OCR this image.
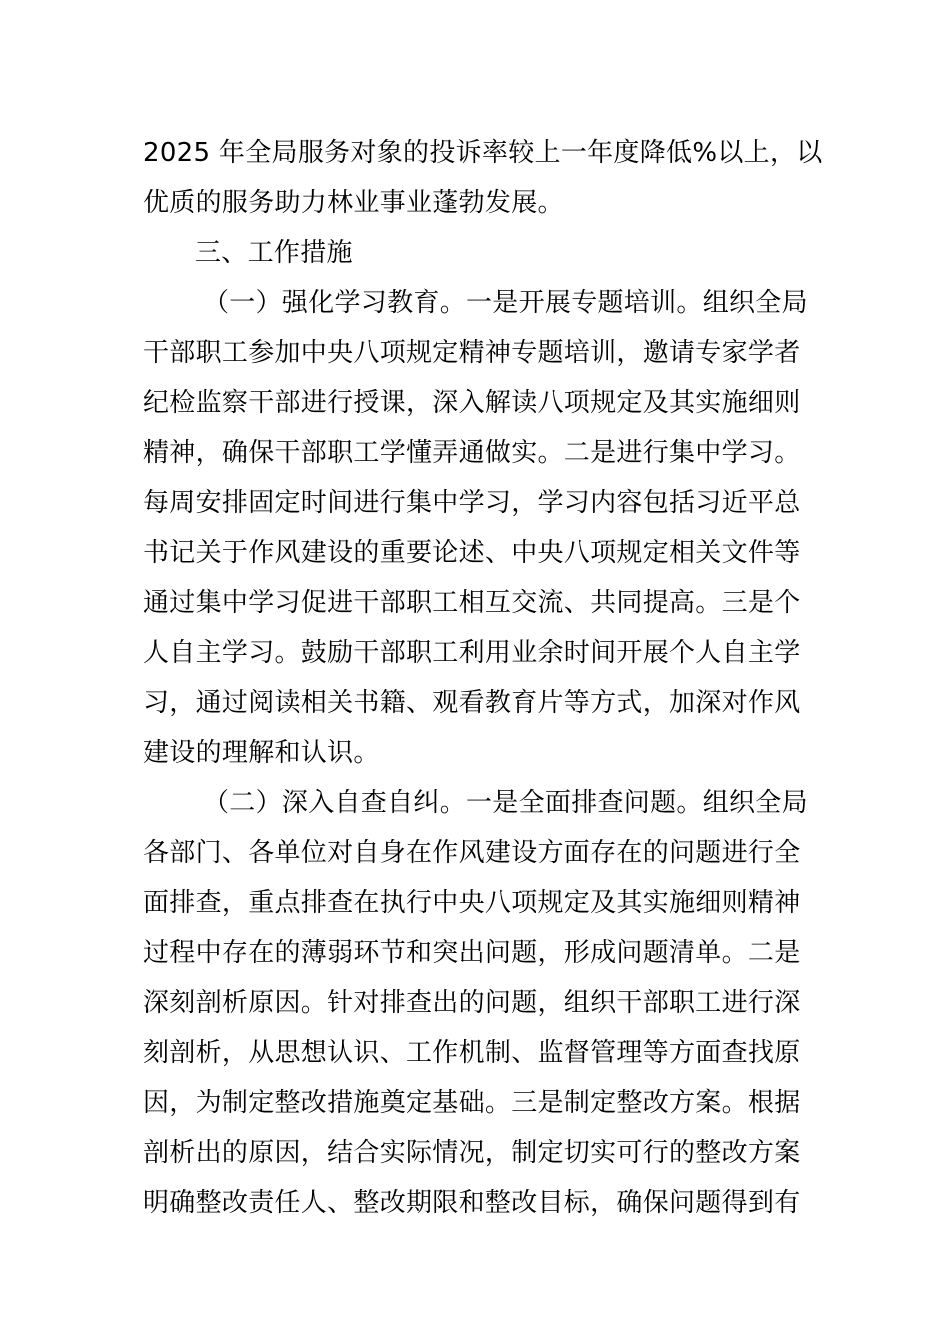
2025 年全局服务对象的投诉率较上一年度降低%以上，以
优质的服务助力林业事业蓬勃发展。
三、工作措施
（一）强化学习教育。一是开展专题培训。组织全局
干部职工参加中央八项规定精神专题培训，邀请专家学者
纪检监察干部进行授课，深入解读八项规定及其实施细则
精神，确保干部职工学懂弄通做实。二是进行集中学习。
每周安排固定时间进行集中学习，学习内容包括习近平总
书记关于作风建设的重要论述、中央八项规定相关文件等
通过集中学习促进干部职工相互交流、共同提高。三是个
人自主学习。鼓励干部职工利用业余时间开展个人自主学
习，通过阅读相关书籍、观看教育片等方式，加深对作风
建设的理解和认识。
（二）深入自查自纠。一是全面排查问题。组织全局
各部门、各单位对自身在作风建设方面存在的问题进行全
面排查，重点排查在执行中央八项规定及其实施细则精神
过程中存在的薄弱环节和突出问题，形成问题清单。二是
深刻剖析原因。针对排查出的问题，组织干部职工进行深
刻剖析，从思想认识、工作机制、监督管理等方面查找原
因，为制定整改措施奠定基础。三是制定整改方案。根据
剖析出的原因，结合实际情况，制定切实可行的整改方案
明确整改责任人、整改期限和整改目标，确保问题得到有
